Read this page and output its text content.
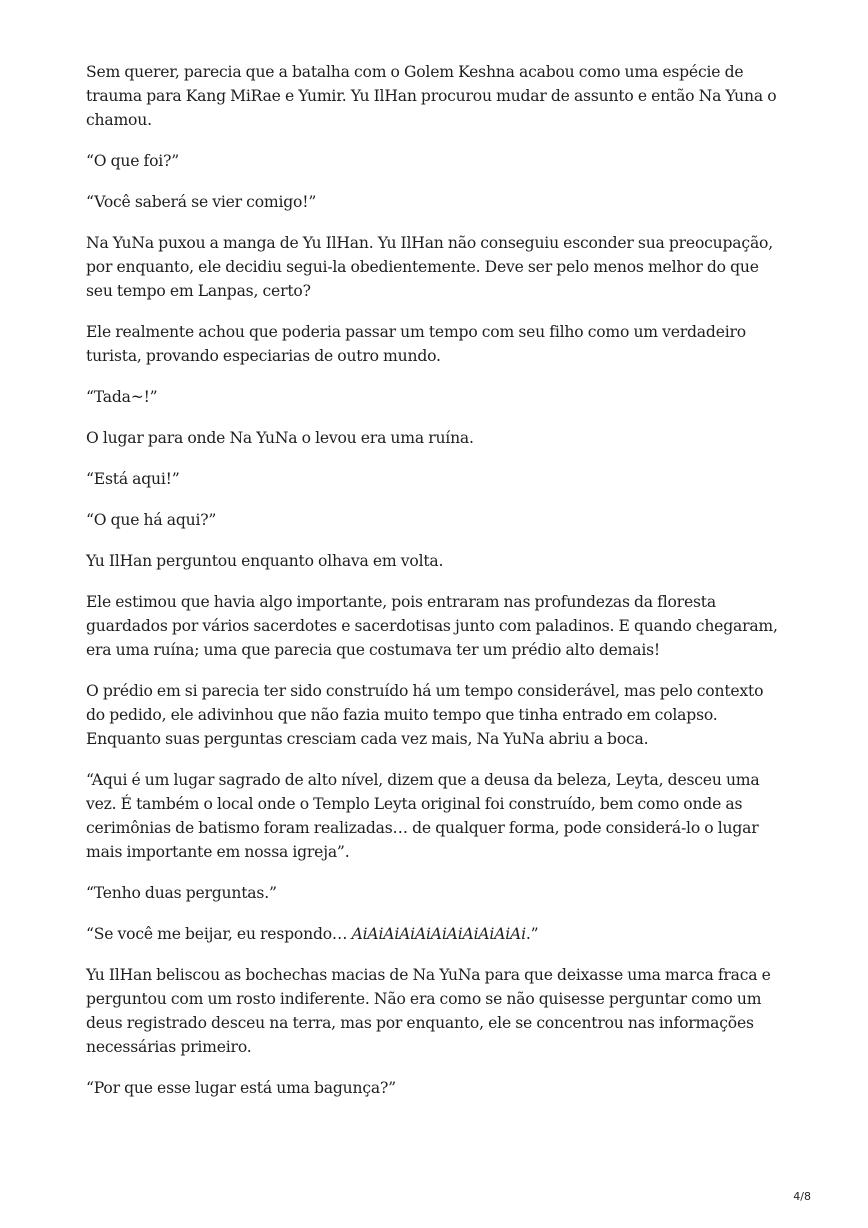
Sem querer, parecia que a batalha com o Golem Keshna acabou como uma espécie de trauma para Kang MiRae e Yumir. Yu IlHan procurou mudar de assunto e então Na Yuna o chamou.

“O que foi?”

“Você saberá se vier comigo!”

Na YuNa puxou a manga de Yu IlHan. Yu IlHan não conseguiu esconder sua preocupação, por enquanto, ele decidiu segui-la obedientemente. Deve ser pelo menos melhor do que seu tempo em Lanpas, certo?

Ele realmente achou que poderia passar um tempo com seu filho como um verdadeiro turista, provando especiarias de outro mundo.

“Tada~!”

O lugar para onde Na YuNa o levou era uma ruína.

“Está aqui!”

“O que há aqui?”

Yu IlHan perguntou enquanto olhava em volta.

Ele estimou que havia algo importante, pois entraram nas profundezas da floresta guardados por vários sacerdotes e sacerdotisas junto com paladinos. E quando chegaram, era uma ruína; uma que parecia que costumava ter um prédio alto demais!

O prédio em si parecia ter sido construído há um tempo considerável, mas pelo contexto do pedido, ele adivinhou que não fazia muito tempo que tinha entrado em colapso. Enquanto suas perguntas cresciam cada vez mais, Na YuNa abriu a boca.

“Aqui é um lugar sagrado de alto nível, dizem que a deusa da beleza, Leyta, desceu uma vez. É também o local onde o Templo Leyta original foi construído, bem como onde as cerimônias de batismo foram realizadas… de qualquer forma, pode considerá-lo o lugar mais importante em nossa igreja”.

“Tenho duas perguntas.”

“Se você me beijar, eu respondo… AiAiAiAiAiAiAiAiAiAiAi.”

Yu IlHan beliscou as bochechas macias de Na YuNa para que deixasse uma marca fraca e perguntou com um rosto indiferente. Não era como se não quisesse perguntar como um deus registrado desceu na terra, mas por enquanto, ele se concentrou nas informações necessárias primeiro.

“Por que esse lugar está uma bagunça?”

4/8
